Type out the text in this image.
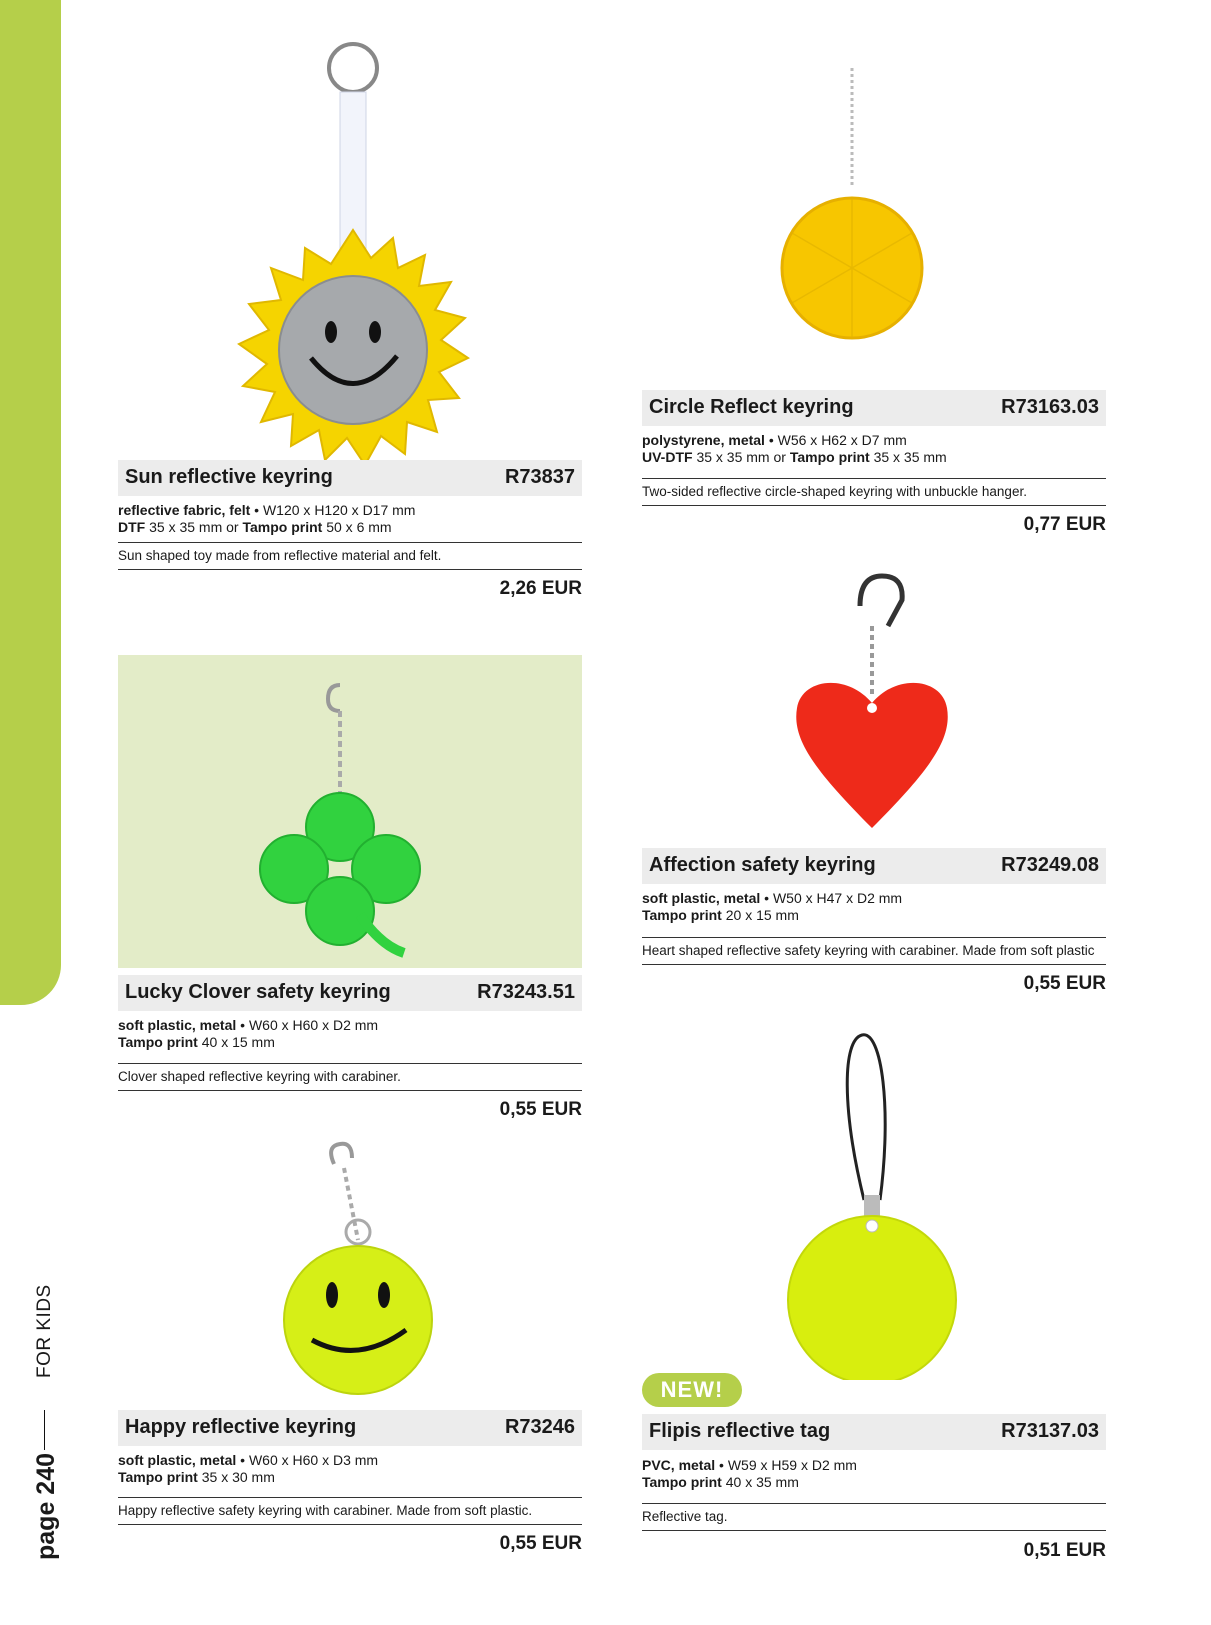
FOR KIDS
page 240
Sun reflective keyring	R73837
reflective fabric, felt • W120 x H120 x D17 mm
DTF 35 x 35 mm or Tampo print 50 x 6 mm
Sun shaped toy made from reflective material and felt.
2,26 EUR
Circle Reflect keyring	R73163.03
polystyrene, metal • W56 x H62 x D7 mm
UV-DTF 35 x 35 mm or Tampo print 35 x 35 mm
Two-sided reflective circle-shaped keyring with unbuckle hanger.
0,77 EUR
Lucky Clover safety keyring	R73243.51
soft plastic, metal • W60 x H60 x D2 mm
Tampo print 40 x 15 mm
Clover shaped reflective keyring with carabiner.
0,55 EUR
Affection safety keyring	R73249.08
soft plastic, metal • W50 x H47 x D2 mm
Tampo print 20 x 15 mm
Heart shaped reflective safety keyring with carabiner. Made from soft plastic
0,55 EUR
Happy reflective keyring	R73246
soft plastic, metal • W60 x H60 x D3 mm
Tampo print 35 x 30 mm
Happy reflective safety keyring with carabiner. Made from soft plastic.
0,55 EUR
NEW!
Flipis reflective tag	R73137.03
PVC, metal • W59 x H59 x D2 mm
Tampo print 40 x 35 mm
Reflective tag.
0,51 EUR
